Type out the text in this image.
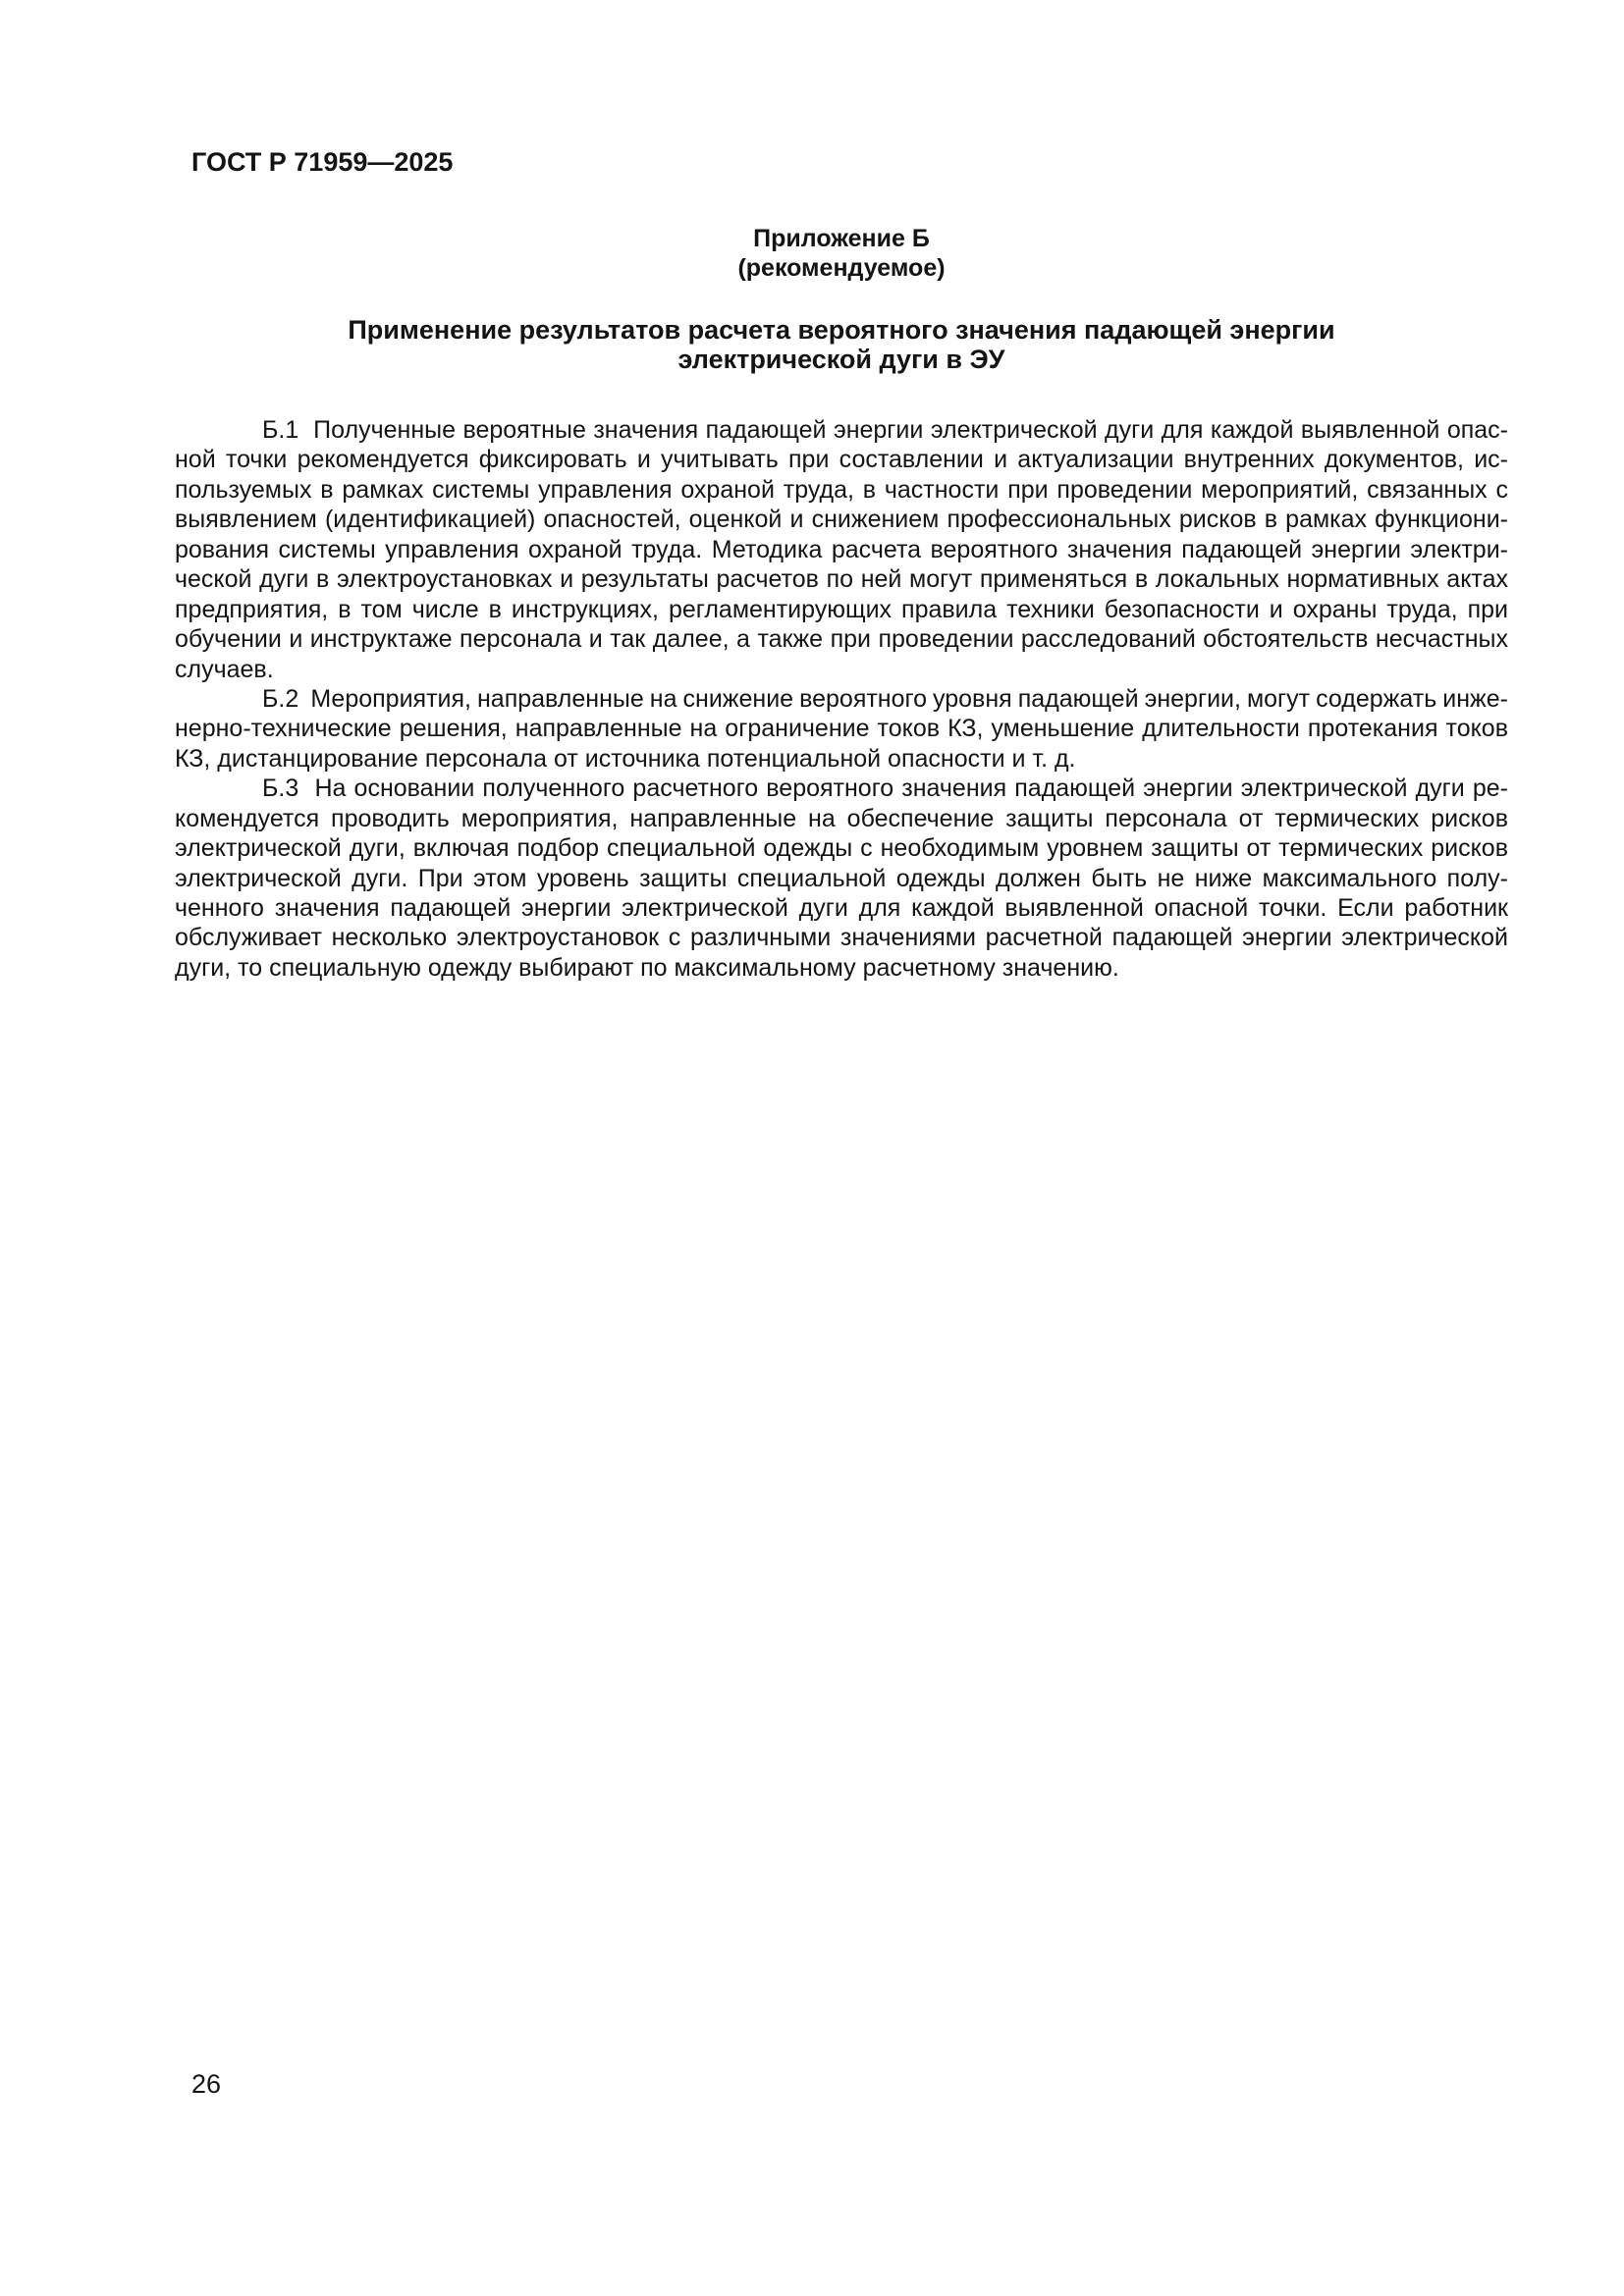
ГОСТ Р 71959—2025
Приложение Б
(рекомендуемое)
Применение результатов расчета вероятного значения падающей энергии
электрической дуги в ЭУ
Б.1  Полученные вероятные значения падающей энергии электрической дуги для каждой выявленной опас-
ной точки рекомендуется фиксировать и учитывать при составлении и актуализации внутренних документов, ис-
пользуемых в рамках системы управления охраной труда, в частности при проведении мероприятий, связанных с
выявлением (идентификацией) опасностей, оценкой и снижением профессиональных рисков в рамках функциони-
рования системы управления охраной труда. Методика расчета вероятного значения падающей энергии электри-
ческой дуги в электроустановках и результаты расчетов по ней могут применяться в локальных нормативных актах
предприятия, в том числе в инструкциях, регламентирующих правила техники безопасности и охраны труда, при
обучении и инструктаже персонала и так далее, а также при проведении расследований обстоятельств несчастных
случаев.
Б.2  Мероприятия, направленные на снижение вероятного уровня падающей энергии, могут содержать инже-
нерно-технические решения, направленные на ограничение токов КЗ, уменьшение длительности протекания токов
КЗ, дистанцирование персонала от источника потенциальной опасности и т. д.
Б.3  На основании полученного расчетного вероятного значения падающей энергии электрической дуги ре-
комендуется проводить мероприятия, направленные на обеспечение защиты персонала от термических рисков
электрической дуги, включая подбор специальной одежды с необходимым уровнем защиты от термических рисков
электрической дуги. При этом уровень защиты специальной одежды должен быть не ниже максимального полу-
ченного значения падающей энергии электрической дуги для каждой выявленной опасной точки. Если работник
обслуживает несколько электроустановок с различными значениями расчетной падающей энергии электрической
дуги, то специальную одежду выбирают по максимальному расчетному значению.
26
